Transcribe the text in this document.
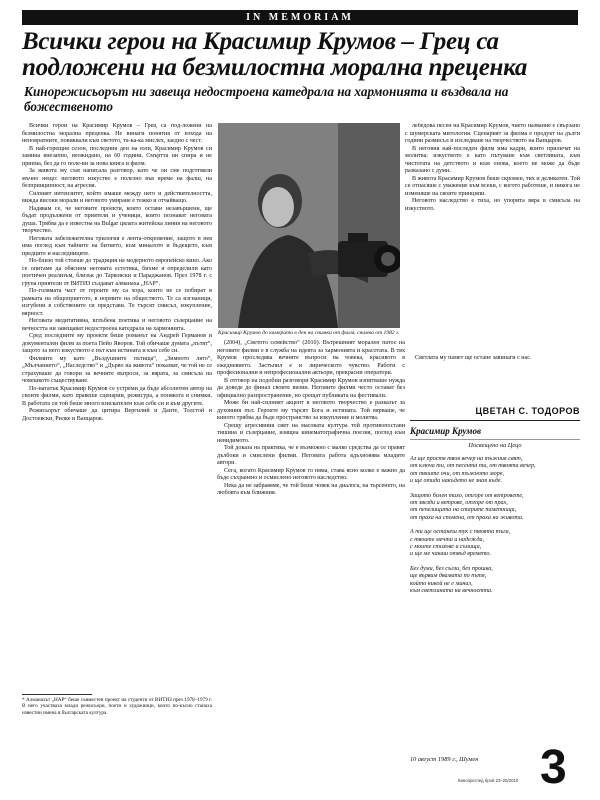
IN MEMORIAM
Всички герои на Красимир Крумов – Грец са подложени на безмилостна морална преценка
Кинорежисьорът ни завеща недостроена катедрала на хармонията и въздвала на божественото

Всички герои на Красимир Крумов – Грец са под-ложени на безмилостна морална преценка. Не винаги понятия от изхода на неповратните, повиквали към светото, та-ка-ка мислех, заедно с чест.

В най-горещия сезон, последния ден на юли, Красимир Крумов си замина внезапно, неожидано, на 60 години. Смъртта ни спира и не приема, без да го поле-ви за нова книга и филм.

За живота му съм написала разговор, като че ли сме подготвяли мъчно нещо: неговото изкуство е полезно във време на фалш, на безпринципност, на агресия.

Силният интензитет, който имаше между него и действителността, вижда високи морали и неговото умиране е тежко и отчайващо.

Надявам се, че неговите проекти, които остави незавършени, ще бъдат продължени от приятели и ученици, които познават неговата душа. Трябва да е известна на Bulgar цялата житейска линия на неговото творчество.

Неговата забележителна трилогия е лента-откровение, защото в нея има поглед към тайните на битието, към миналото и бъдещето, към предците и наследниците.

Но-близо той стоеше до традиция на модерното европейско кино. Ако се опитаме да обясним неговата естетика, бихме я определили като поетичен реализъм, близък до Тарковски и Параджанов. През 1978 г. с група приятели от ВИТИЗ създават алманаха „НАР“.

По-голямата част от героите му са хора, които не се побират в рамката на общоприетото, в нормите на обществото. Те са изгнаници, изгубени в собствените си представи. Те търсят смисъл, изкупление, вярност.

Неговата медитативна, вглъбена поетика и неговото съзерцание на вечността ни завещават недостроена катедрала на хармонията.

Сред последните му проекти беше романът на Андрей Германов и документален филм за поета Пейо Яворов. Той обичаше думата „пътят“, защото за него изкуството е път към истината и към себе си.

Филмите му като „Въздушните пътища“, „Зимното лято“, „Мълчанието“, „Наследство“ и „Дърво на живота“ показват, че той не се страхуваше да говори за вечните въпроси, за вярата, за смисъла на човешкото съществуване.

По-нататък Красимир Крумов се устреми да бъде абсолютен автор на своите филми, като правеше сценарии, режисура, а понякога и снимки. В работата си той беше много взискателен към себе си и към другите.

Режисьорът обичаше да цитира Вергилий и Данте, Толстой и Достоевски, Рилке и Вапцаров.

Красимир Крумов до камерата в ден на снимки от филм, снимка от 1982 г.

лебедова песен на Красимир Крумов, чието название е свързано с шумерската митология. Сценарият за филма е продукт на дълги години размисъл и изследване на творчеството на Вапцаров.

В неговия най-последен филм има кадри, които приличат на молитва: изкуството е като пътуване към светлината, към чистотата на детството и към онова, което не може да бъде разказано с думи.

В живота Красимир Крумов беше скромен, тих и деликатен. Той се отнасяше с уважение към всеки, с когото работеше, и никога не изменяше на своите принципи.

Неговото наследство е тиха, но упорита вяра в смисъла на изкуството.

(2004), „Светото семейство“ (2010). Вътрешният морален патос на неговите филми е в служба на идеята за хармонията и красотата. В тях Крумов проследява вечните въпроси на човека, красивото в ежедневието. Застъпил е и лирическото чувство. Работи с професионални и непрофесионални актьори, прекрасни оператори.

В отговор на подобни разговори Красимир Крумов изпитваше нужда да доведе до финал своите визии. Неговите филми често остават без официално разпространение, но срещат публиката на фестивали.

Може би най-силният акцент в неговото творчество е разказът за духовния път. Героите му търсят Бога и истината. Той вярваше, че киното трябва да бъде пространство за изкупление и молитва.

Срещу агресивния свят на масовата култура той противопостави тишина и съзерцание, изящна кинематографична поезия, поглед към невидимото.

Той доказа на практика, че е възможно с малко средства да се правят дълбоки и смислени филми. Неговата работа вдъхновява младите автори.

Сега, когато Красимир Крумов го няма, става ясно колко е важно да бъде съхранено и осмислено неговото наследство.

Нека да не забравяме, че той беше човек на диалога, на търсенето, на любовта към ближния.

Светлата му памет ще остане завинаги с нас.

* Алманахът „НАР“ беше съвместен проект на студенти от ВИТИЗ през 1978–1979 г. В него участваха млади режисьори, поети и художници, които по-късно станаха известни имена в българската култура.
ЦВЕТАН С. ТОДОРОВ
Красимир Крумов
Посвещено на Цецо
Аз ще простя твоя вечер на тъжния свят,
от ключа ти, от песента ти, от твоята вечер,
от твоите очи, от тъжното море,
и ще отида накъдето не зная къде.
Защото болен тихо, отгоре от ветровете,
от звезди и ветрове, отгоре от прах,
от пепелищата на старите паметници,
от праха на спомена, от праха на живота.
А ти ще останеш тук с твоята тъга,
с твоите мечти и надежди,
с моите стихове и сънища,
и ще ме чакаш отвъд времето.
Без думи, без сълзи, без прошка,
ще вървим двамата по пътя,
който никой не е минал,
към светлината на вечността.
10 август 1989 г., Шумен
Кинопреглед брой 23–25/2010 3
